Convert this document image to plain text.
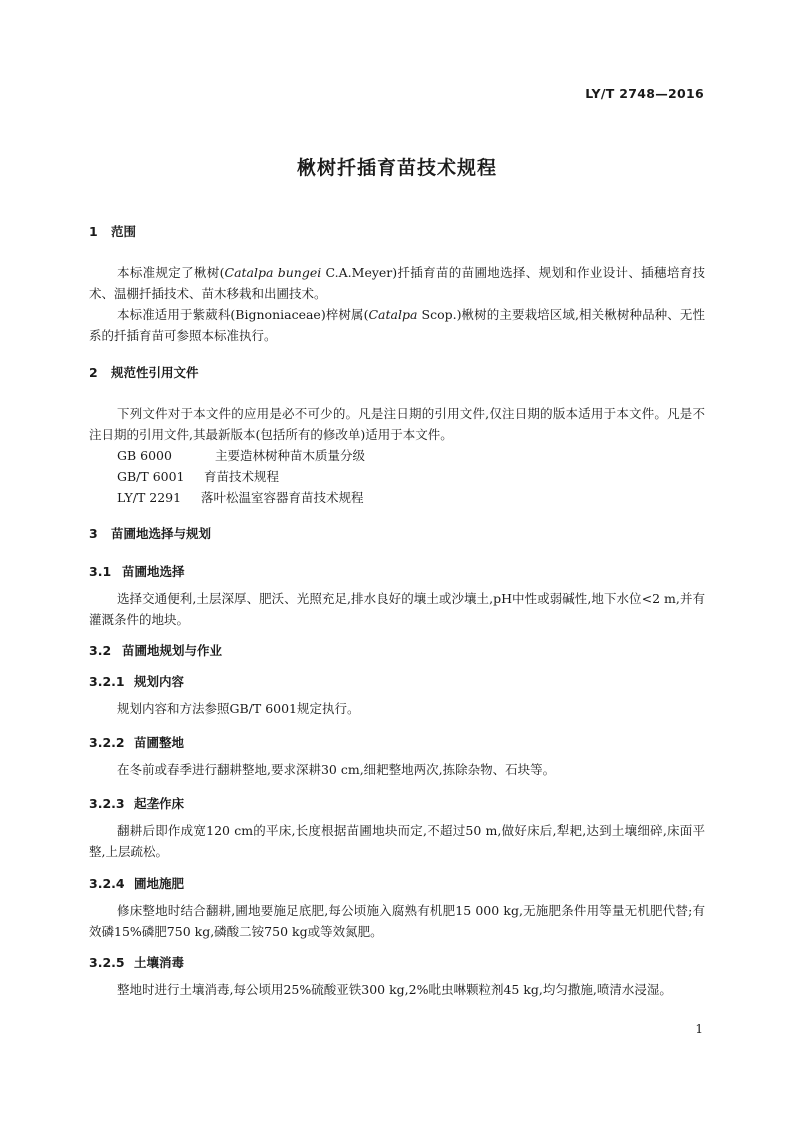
LY/T 2748—2016
楸树扦插育苗技术规程
1 范围

本标准规定了楸树(Catalpa bungei C.A.Meyer)扦插育苗的苗圃地选择、规划和作业设计、插穗培育技术、温棚扦插技术、苗木移栽和出圃技术。

本标准适用于紫葳科(Bignoniaceae)梓树属(Catalpa Scop.)楸树的主要栽培区域,相关楸树种品种、无性系的扦插育苗可参照本标准执行。

2 规范性引用文件

下列文件对于本文件的应用是必不可少的。凡是注日期的引用文件,仅注日期的版本适用于本文件。凡是不注日期的引用文件,其最新版本(包括所有的修改单)适用于本文件。

GB 6000	主要造林树种苗木质量分级
GB/T 6001 育苗技术规程
LY/T 2291 落叶松温室容器育苗技术规程
3 苗圃地选择与规划
3.1 苗圃地选择

选择交通便利,土层深厚、肥沃、光照充足,排水良好的壤土或沙壤土,pH中性或弱碱性,地下水位<2 m,并有灌溉条件的地块。

3.2 苗圃地规划与作业
3.2.1 规划内容

规划内容和方法参照GB/T 6001规定执行。

3.2.2 苗圃整地

在冬前或春季进行翻耕整地,要求深耕30 cm,细耙整地两次,拣除杂物、石块等。

3.2.3 起垄作床

翻耕后即作成宽120 cm的平床,长度根据苗圃地块而定,不超过50 m,做好床后,犁耙,达到土壤细碎,床面平整,上层疏松。

3.2.4 圃地施肥

修床整地时结合翻耕,圃地要施足底肥,每公顷施入腐熟有机肥15 000 kg,无施肥条件用等量无机肥代替;有效磷15%磷肥750 kg,磷酸二铵750 kg或等效氮肥。

3.2.5 土壤消毒

整地时进行土壤消毒,每公顷用25%硫酸亚铁300 kg,2%吡虫啉颗粒剂45 kg,均匀撒施,喷清水浸湿。

1
